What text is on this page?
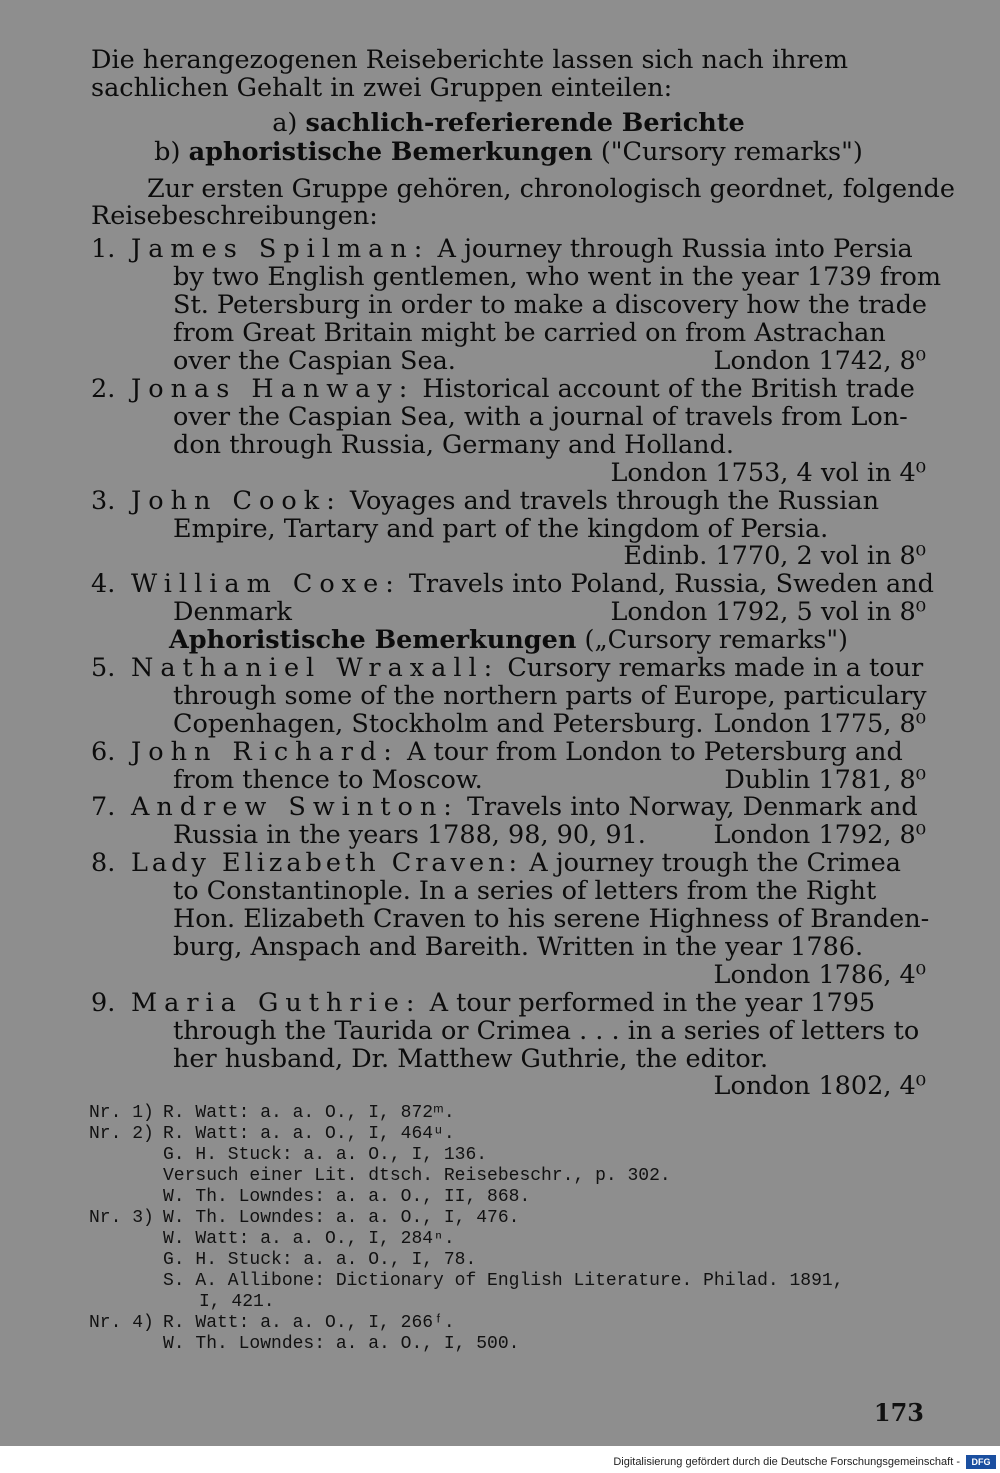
Die herangezogenen Reiseberichte lassen sich nach ihrem
sachlichen Gehalt in zwei Gruppen einteilen:
a) sachlich-referierende Berichte
b) aphoristische Bemerkungen ("Cursory remarks")
Zur ersten Gruppe gehören, chronologisch geordnet, folgende
Reisebeschreibungen:
1. James Spilman: A journey through Russia into Persia
by two English gentlemen, who went in the year 1739 from
St. Petersburg in order to make a discovery how the trade
from Great Britain might be carried on from Astrachan
over the Caspian Sea.	London 1742, 8⁰
2. Jonas Hanway: Historical account of the British trade
over the Caspian Sea, with a journal of travels from Lon-
don through Russia, Germany and Holland.
London 1753, 4 vol in 4⁰
3. John Cook: Voyages and travels through the Russian
Empire, Tartary and part of the kingdom of Persia.
Edinb. 1770, 2 vol in 8⁰
4. William Coxe: Travels into Poland, Russia, Sweden and
Denmark	London 1792, 5 vol in 8⁰
Aphoristische Bemerkungen („Cursory remarks")
5. Nathaniel Wraxall: Cursory remarks made in a tour
through some of the northern parts of Europe, particulary
Copenhagen, Stockholm and Petersburg. London 1775, 8⁰
6. John Richard: A tour from London to Petersburg and
from thence to Moscow.	Dublin 1781, 8⁰
7. Andrew Swinton: Travels into Norway, Denmark and
Russia in the years 1788, 98, 90, 91.	London 1792, 8⁰
8. Lady Elizabeth Craven: A journey trough the Crimea
to Constantinople. In a series of letters from the Right
Hon. Elizabeth Craven to his serene Highness of Branden-
burg, Anspach and Bareith. Written in the year 1786.
London 1786, 4⁰
9. Maria Guthrie: A tour performed in the year 1795
through the Taurida or Crimea . . . in a series of letters to
her husband, Dr. Matthew Guthrie, the editor.
London 1802, 4⁰
Nr. 1) R. Watt: a. a. O., I, 872ᵐ.
Nr. 2) R. Watt: a. a. O., I, 464ᵘ.
G. H. Stuck: a. a. O., I, 136.
Versuch einer Lit. dtsch. Reisebeschr., p. 302.
W. Th. Lowndes: a. a. O., II, 868.
Nr. 3) W. Th. Lowndes: a. a. O., I, 476.
W. Watt: a. a. O., I, 284ⁿ.
G. H. Stuck: a. a. O., I, 78.
S. A. Allibone: Dictionary of English Literature. Philad. 1891,
I, 421.
Nr. 4) R. Watt: a. a. O., I, 266ᶠ.
W. Th. Lowndes: a. a. O., I, 500.
173
Digitalisierung gefördert durch die Deutsche Forschungsgemeinschaft -	DFG
